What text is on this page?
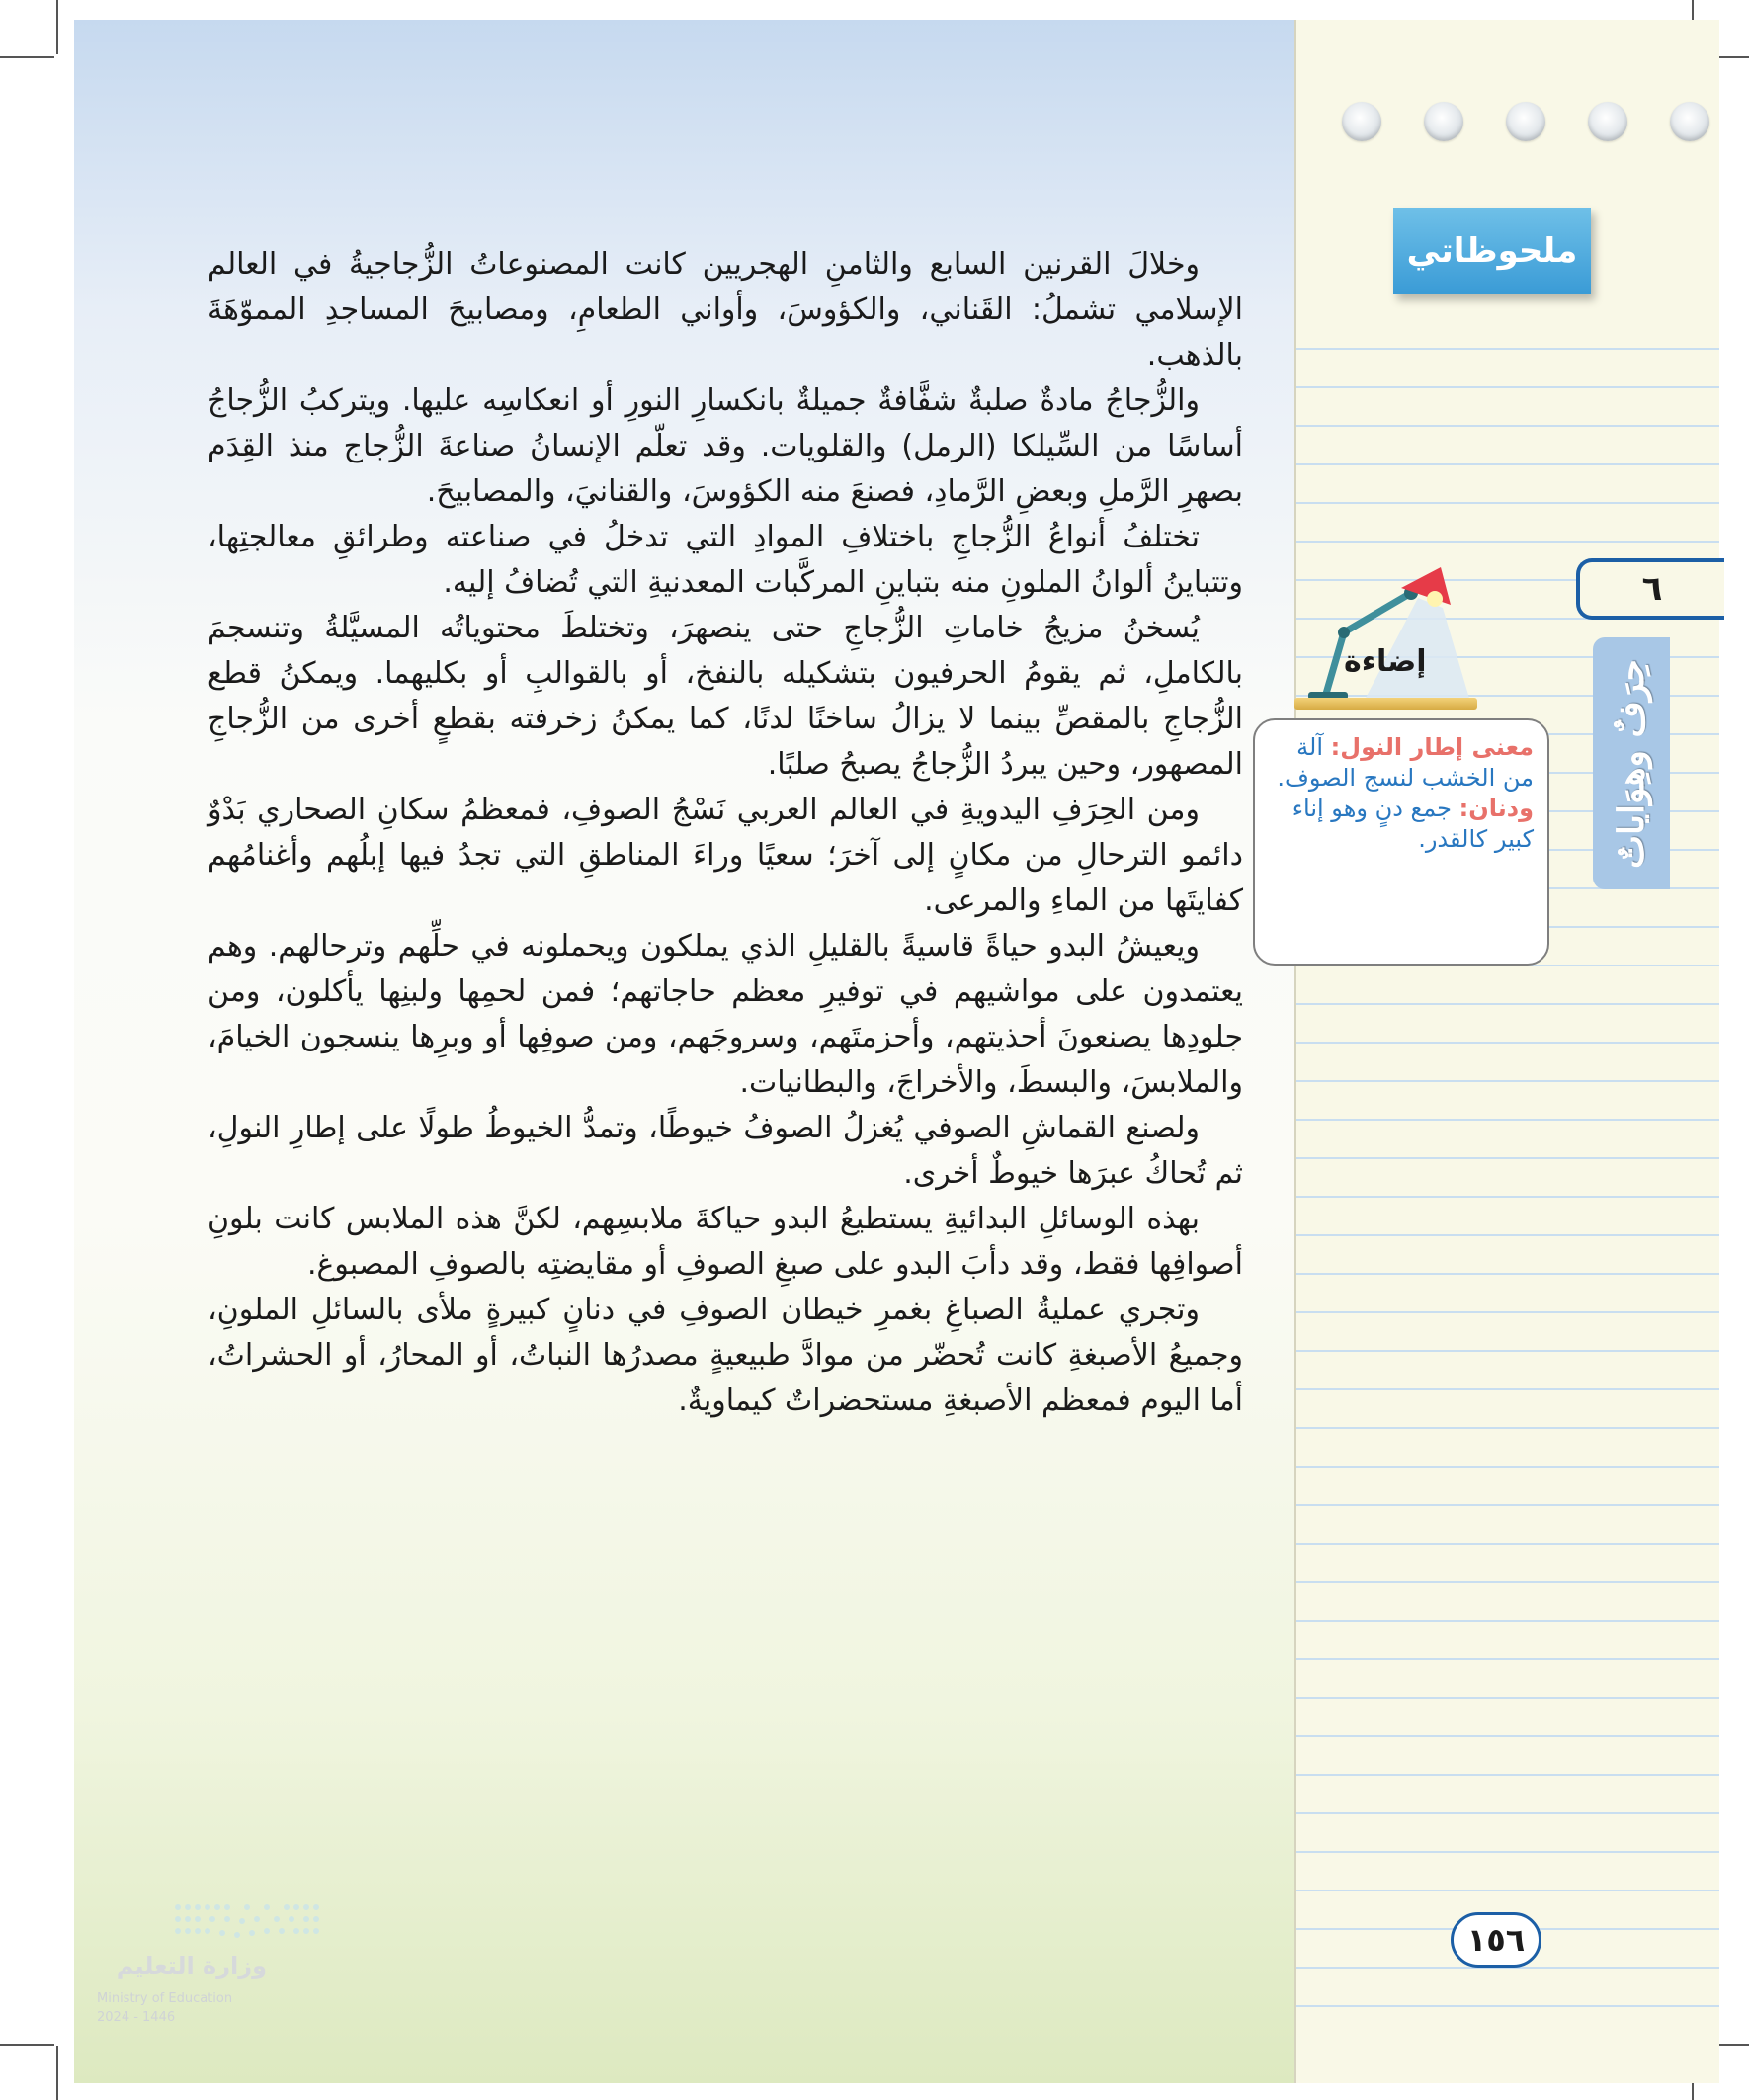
ملحوظاتي
٦
حِرَفٌ وهِوَاياتٌ
إضاءة
معنى إطار النول: آلة من الخشب لنسج الصوف.
ودنان: جمع دنٍ وهو إناء كبير كالقدر.

وخلالَ القرنين السابع والثامنِ الهجريين كانت المصنوعاتُ الزُّجاجيةُ في العالم الإسلامي تشملُ: القَناني، والكؤوسَ، وأواني الطعامِ، ومصابيحَ المساجدِ المموّهَةَ بالذهب.

والزُّجاجُ مادةٌ صلبةٌ شفَّافةٌ جميلةٌ بانكسارِ النورِ أو انعكاسِه عليها. ويتركبُ الزُّجاجُ أساسًا من السِّيلكا (الرمل) والقلويات. وقد تعلّم الإنسانُ صناعةَ الزُّجاج منذ القِدَم بصهرِ الرَّملِ وبعضِ الرَّمادِ، فصنعَ منه الكؤوسَ، والقنانيَ، والمصابيحَ.

تختلفُ أنواعُ الزُّجاجِ باختلافِ الموادِ التي تدخلُ في صناعته وطرائقِ معالجتِها، وتتباينُ ألوانُ الملونِ منه بتباينِ المركَّبات المعدنيةِ التي تُضافُ إليه.

يُسخنُ مزيجُ خاماتِ الزُّجاجِ حتى ينصهرَ، وتختلطَ محتوياتُه المسيَّلةُ وتنسجمَ بالكاملِ، ثم يقومُ الحرفيون بتشكيله بالنفخ، أو بالقوالبِ أو بكليهما. ويمكنُ قطع الزُّجاجِ بالمقصِّ بينما لا يزالُ ساخنًا لدنًا، كما يمكنُ زخرفته بقطعٍ أخرى من الزُّجاجِ المصهور، وحين يبردُ الزُّجاجُ يصبحُ صلبًا.

ومن الحِرَفِ اليدويةِ في العالم العربي نَسْجُ الصوفِ، فمعظمُ سكانِ الصحاري بَدْوٌ دائمو الترحالِ من مكانٍ إلى آخرَ؛ سعيًا وراءَ المناطقِ التي تجدُ فيها إبلُهم وأغنامُهم كفايتَها من الماءِ والمرعى.

ويعيشُ البدو حياةً قاسيةً بالقليلِ الذي يملكون ويحملونه في حلِّهم وترحالهم. وهم يعتمدون على مواشيهم في توفيرِ معظم حاجاتهم؛ فمن لحمِها ولبنِها يأكلون، ومن جلودِها يصنعونَ أحذيتهم، وأحزمتَهم، وسروجَهم، ومن صوفِها أو وبرِها ينسجون الخيامَ، والملابسَ، والبسطَ، والأخراجَ، والبطانيات.

ولصنع القماشِ الصوفي يُغزلُ الصوفُ خيوطًا، وتمدُّ الخيوطُ طولًا على إطارِ النولِ، ثم تُحاكُ عبرَها خيوطٌ أخرى.

بهذه الوسائلِ البدائيةِ يستطيعُ البدو حياكةَ ملابسِهم، لكنَّ هذه الملابس كانت بلونِ أصوافِها فقط، وقد دأبَ البدو على صبغِ الصوفِ أو مقايضتِه بالصوفِ المصبوغ.

وتجري عمليةُ الصباغِ بغمرِ خيطان الصوفِ في دنانٍ كبيرةٍ ملأى بالسائلِ الملونِ، وجميعُ الأصبغةِ كانت تُحضّر من موادَّ طبيعيةٍ مصدرُها النباتُ، أو المحارُ، أو الحشراتُ، أما اليوم فمعظم الأصبغةِ مستحضراتٌ كيماويةٌ.

١٥٦
وزارة التعليم
Ministry of Education
2024 - 1446
